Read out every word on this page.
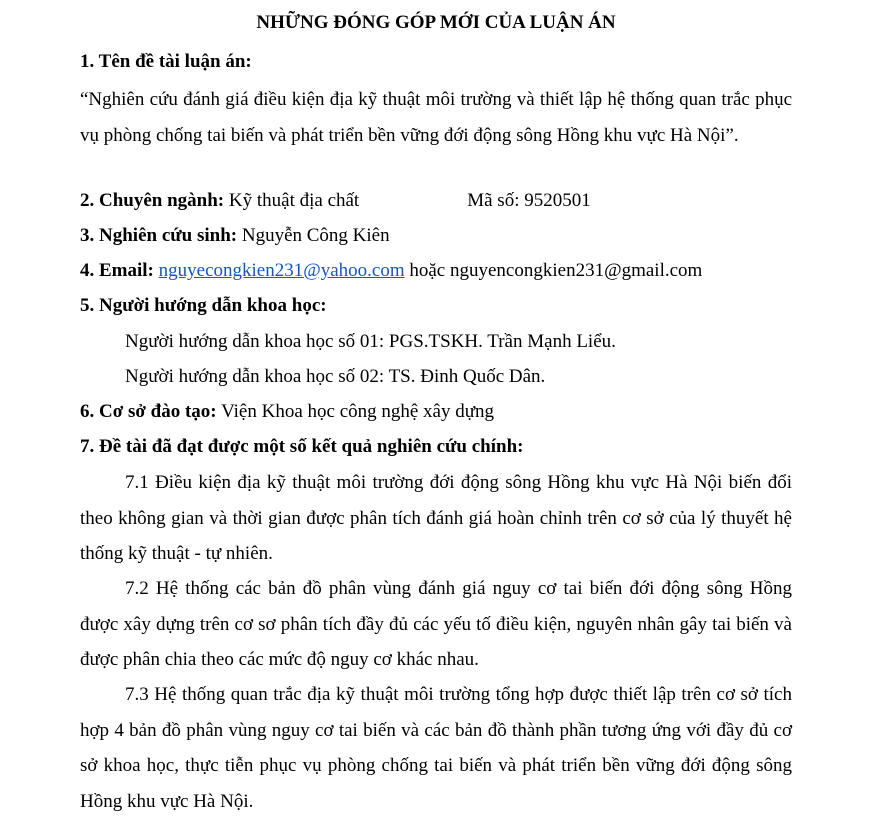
NHỮNG ĐÓNG GÓP MỚI CỦA LUẬN ÁN
1. Tên đề tài luận án:
“Nghiên cứu đánh giá điều kiện địa kỹ thuật môi trường và thiết lập hệ thống quan trắc phục vụ phòng chống tai biến và phát triển bền vững đới động sông Hồng khu vực Hà Nội”.
2. Chuyên ngành: Kỹ thuật địa chất	Mã số: 9520501
3. Nghiên cứu sinh: Nguyễn Công Kiên
4. Email: nguyecongkien231@yahoo.com hoặc nguyencongkien231@gmail.com
5. Người hướng dẫn khoa học:
Người hướng dẫn khoa học số 01: PGS.TSKH. Trần Mạnh Liểu.
Người hướng dẫn khoa học số 02: TS. Đinh Quốc Dân.
6. Cơ sở đào tạo: Viện Khoa học công nghệ xây dựng
7. Đề tài đã đạt được một số kết quả nghiên cứu chính:
7.1 Điều kiện địa kỹ thuật môi trường đới động sông Hồng khu vực Hà Nội biến đổi theo không gian và thời gian được phân tích đánh giá hoàn chỉnh trên cơ sở của lý thuyết hệ thống kỹ thuật - tự nhiên.
7.2 Hệ thống các bản đồ phân vùng đánh giá nguy cơ tai biến đới động sông Hồng được xây dựng trên cơ sơ phân tích đầy đủ các yếu tố điều kiện, nguyên nhân gây tai biến và được phân chia theo các mức độ nguy cơ khác nhau.
7.3 Hệ thống quan trắc địa kỹ thuật môi trường tổng hợp được thiết lập trên cơ sở tích hợp 4 bản đồ phân vùng nguy cơ tai biến và các bản đồ thành phần tương ứng với đầy đủ cơ sở khoa học, thực tiễn phục vụ phòng chống tai biến và phát triển bền vững đới động sông Hồng khu vực Hà Nội.
